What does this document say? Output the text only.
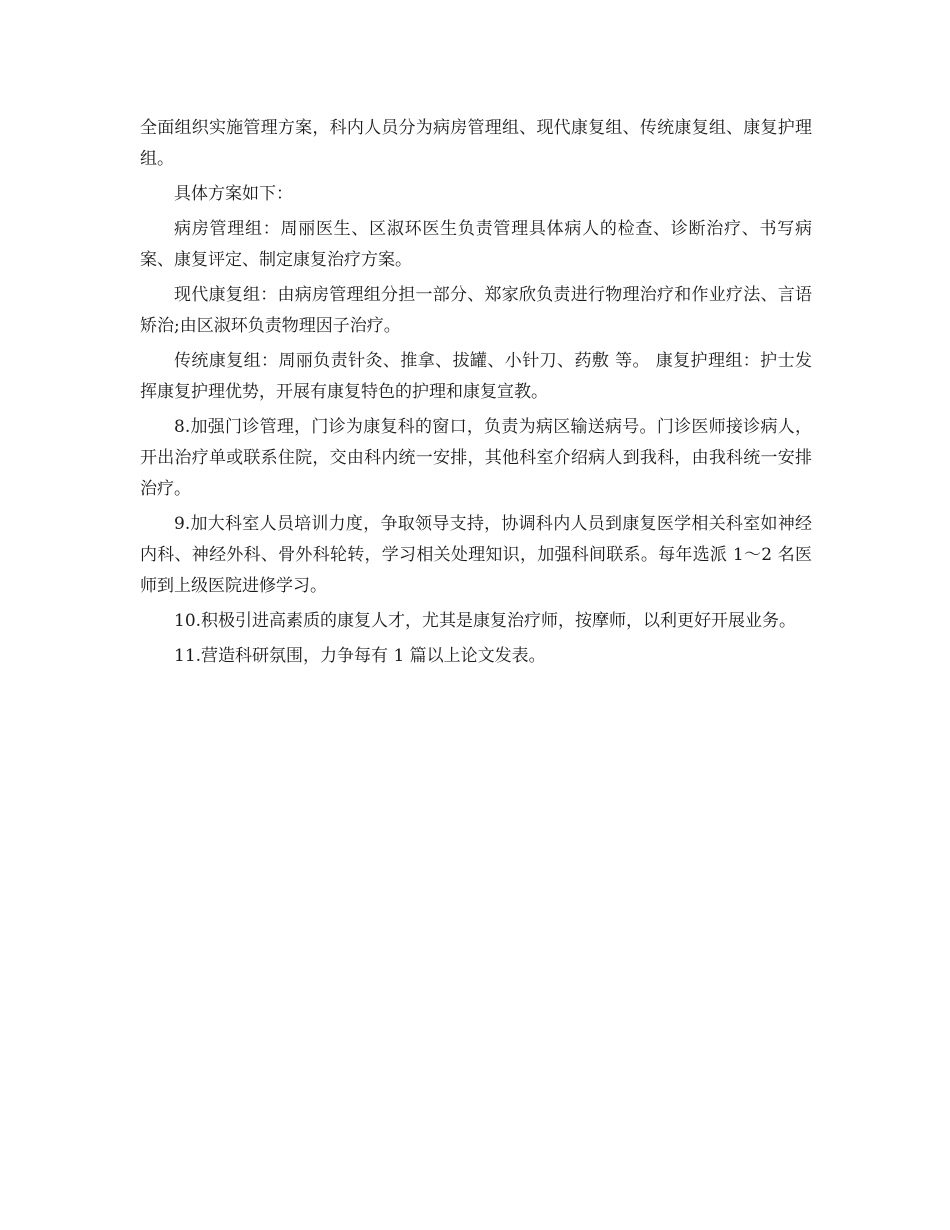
全面组织实施管理方案，科内人员分为病房管理组、现代康复组、传统康复组、康复护理组。

具体方案如下：

病房管理组：周丽医生、区淑环医生负责管理具体病人的检查、诊断治疗、书写病案、康复评定、制定康复治疗方案。

现代康复组：由病房管理组分担一部分、郑家欣负责进行物理治疗和作业疗法、言语矫治;由区淑环负责物理因子治疗。

传统康复组：周丽负责针灸、推拿、拔罐、小针刀、药敷 等。 康复护理组：护士发挥康复护理优势，开展有康复特色的护理和康复宣教。

8.加强门诊管理，门诊为康复科的窗口，负责为病区输送病号。门诊医师接诊病人，开出治疗单或联系住院，交由科内统一安排，其他科室介绍病人到我科，由我科统一安排治疗。

9.加大科室人员培训力度，争取领导支持，协调科内人员到康复医学相关科室如神经内科、神经外科、骨外科轮转，学习相关处理知识，加强科间联系。每年选派 1～2 名医师到上级医院进修学习。

10.积极引进高素质的康复人才，尤其是康复治疗师，按摩师，以利更好开展业务。

11.营造科研氛围，力争每有 1 篇以上论文发表。
